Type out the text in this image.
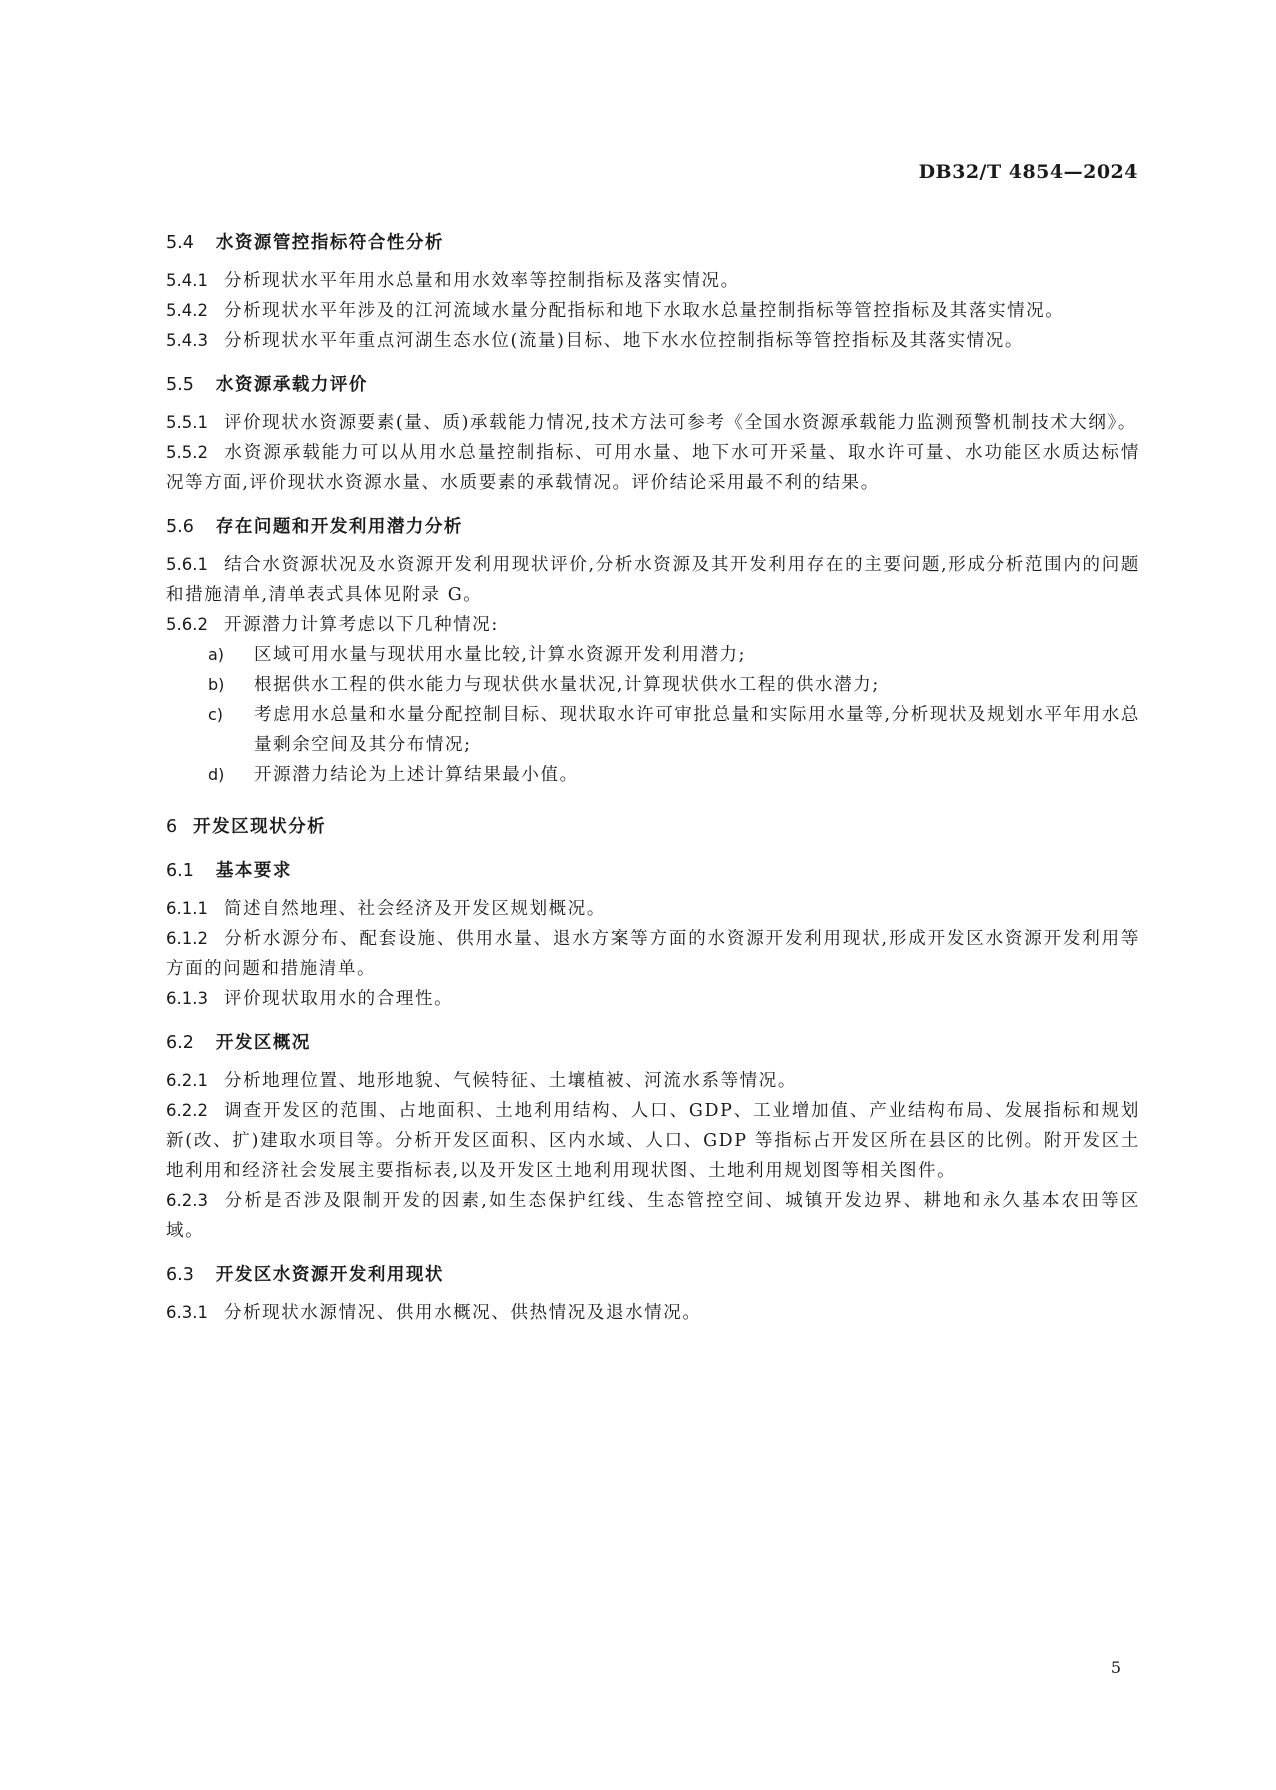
DB32/T 4854—2024
5.4 水资源管控指标符合性分析

5.4.1 分析现状水平年用水总量和用水效率等控制指标及落实情况。

5.4.2 分析现状水平年涉及的江河流域水量分配指标和地下水取水总量控制指标等管控指标及其落实情况。

5.4.3 分析现状水平年重点河湖生态水位(流量)目标、地下水水位控制指标等管控指标及其落实情况。

5.5 水资源承载力评价

5.5.1 评价现状水资源要素(量、质)承载能力情况,技术方法可参考《全国水资源承载能力监测预警机制技术大纲》。

5.5.2 水资源承载能力可以从用水总量控制指标、可用水量、地下水可开采量、取水许可量、水功能区水质达标情况等方面,评价现状水资源水量、水质要素的承载情况。评价结论采用最不利的结果。

5.6 存在问题和开发利用潜力分析

5.6.1 结合水资源状况及水资源开发利用现状评价,分析水资源及其开发利用存在的主要问题,形成分析范围内的问题和措施清单,清单表式具体见附录 G。

5.6.2 开源潜力计算考虑以下几种情况:

a) 区域可用水量与现状用水量比较,计算水资源开发利用潜力;
b) 根据供水工程的供水能力与现状供水量状况,计算现状供水工程的供水潜力;
c) 考虑用水总量和水量分配控制目标、现状取水许可审批总量和实际用水量等,分析现状及规划水平年用水总量剩余空间及其分布情况;
d) 开源潜力结论为上述计算结果最小值。
6 开发区现状分析
6.1 基本要求

6.1.1 简述自然地理、社会经济及开发区规划概况。

6.1.2 分析水源分布、配套设施、供用水量、退水方案等方面的水资源开发利用现状,形成开发区水资源开发利用等方面的问题和措施清单。

6.1.3 评价现状取用水的合理性。

6.2 开发区概况

6.2.1 分析地理位置、地形地貌、气候特征、土壤植被、河流水系等情况。

6.2.2 调查开发区的范围、占地面积、土地利用结构、人口、GDP、工业增加值、产业结构布局、发展指标和规划新(改、扩)建取水项目等。分析开发区面积、区内水域、人口、GDP 等指标占开发区所在县区的比例。附开发区土地利用和经济社会发展主要指标表,以及开发区土地利用现状图、土地利用规划图等相关图件。

6.2.3 分析是否涉及限制开发的因素,如生态保护红线、生态管控空间、城镇开发边界、耕地和永久基本农田等区域。

6.3 开发区水资源开发利用现状

6.3.1 分析现状水源情况、供用水概况、供热情况及退水情况。

5
